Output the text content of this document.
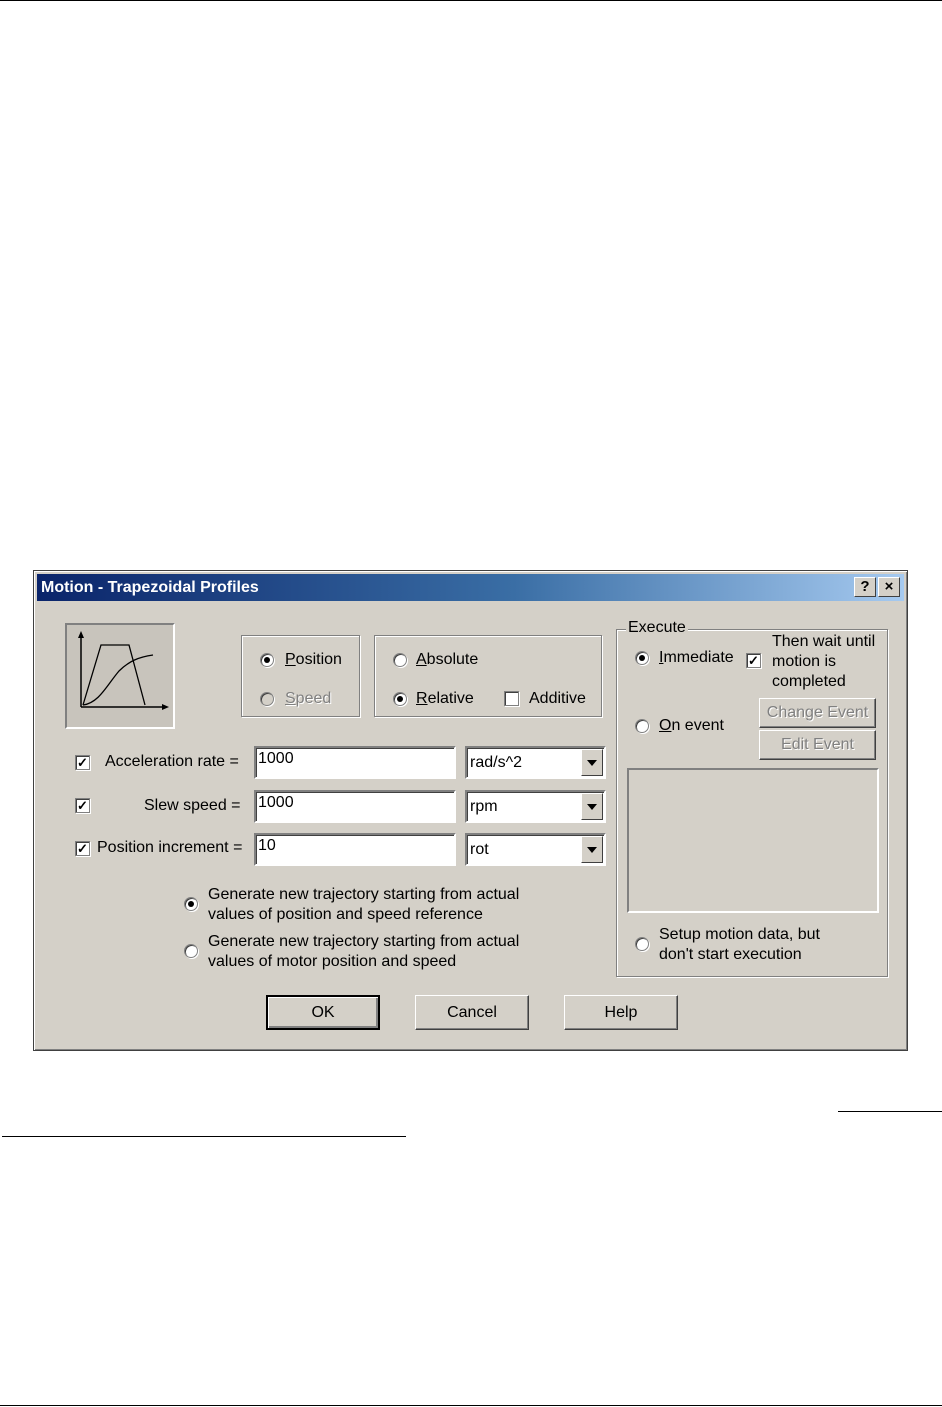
Motion - Trapezoidal Profiles	?	×
Position
Speed
Absolute
Relative	Additive
✓ Acceleration rate = 1000	rad/s^2
✓	Slew speed = 1000	rpm
✓ Position increment = 10	rot
Generate new trajectory starting from actual
values of position and speed reference
Generate new trajectory starting from actual
values of motor position and speed
Execute
Immediate ✓
Then wait until
motion is
completed
On event
Change Event
Edit Event
Setup motion data, but
don't start execution
OK	Cancel	Help
